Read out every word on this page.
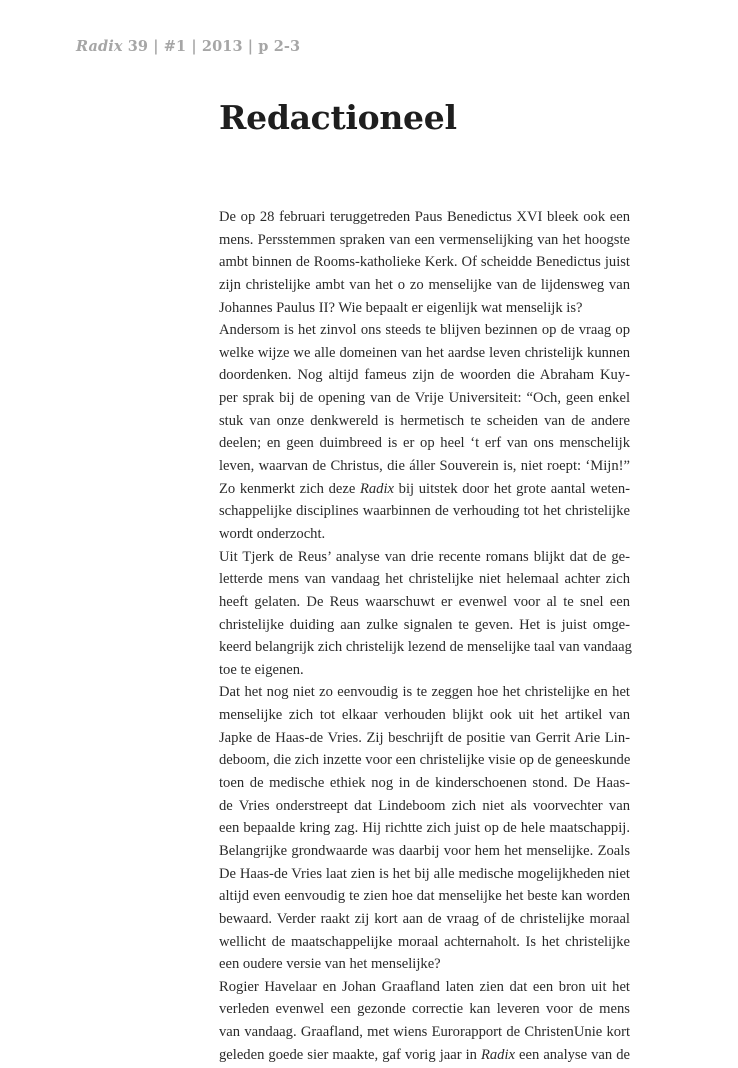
Radix 39 | #1 | 2013 | p 2-3
Redactioneel
De op 28 februari teruggetreden Paus Benedictus XVI bleek ook een
mens. Persstemmen spraken van een vermenselijking van het hoogste
ambt binnen de Rooms-katholieke Kerk. Of scheidde Benedictus juist
zijn christelijke ambt van het o zo menselijke van de lijdensweg van
Johannes Paulus II? Wie bepaalt er eigenlijk wat menselijk is?
Andersom is het zinvol ons steeds te blijven bezinnen op de vraag op
welke wijze we alle domeinen van het aardse leven christelijk kunnen
doordenken. Nog altijd fameus zijn de woorden die Abraham Kuy-
per sprak bij de opening van de Vrije Universiteit: “Och, geen enkel
stuk van onze denkwereld is hermetisch te scheiden van de andere
deelen; en geen duimbreed is er op heel ‘t erf van ons menschelijk
leven, waarvan de Christus, die áller Souverein is, niet roept: ‘Mijn!”
Zo kenmerkt zich deze Radix bij uitstek door het grote aantal weten-
schappelijke disciplines waarbinnen de verhouding tot het christelijke
wordt onderzocht.
Uit Tjerk de Reus’ analyse van drie recente romans blijkt dat de ge-
letterde mens van vandaag het christelijke niet helemaal achter zich
heeft gelaten. De Reus waarschuwt er evenwel voor al te snel een
christelijke duiding aan zulke signalen te geven. Het is juist omge-
keerd belangrijk zich christelijk lezend de menselijke taal van vandaag
toe te eigenen.
Dat het nog niet zo eenvoudig is te zeggen hoe het christelijke en het
menselijke zich tot elkaar verhouden blijkt ook uit het artikel van
Japke de Haas-de Vries. Zij beschrijft de positie van Gerrit Arie Lin-
deboom, die zich inzette voor een christelijke visie op de geneeskunde
toen de medische ethiek nog in de kinderschoenen stond. De Haas-
de Vries onderstreept dat Lindeboom zich niet als voorvechter van
een bepaalde kring zag. Hij richtte zich juist op de hele maatschappij.
Belangrijke grondwaarde was daarbij voor hem het menselijke. Zoals
De Haas-de Vries laat zien is het bij alle medische mogelijkheden niet
altijd even eenvoudig te zien hoe dat menselijke het beste kan worden
bewaard. Verder raakt zij kort aan de vraag of de christelijke moraal
wellicht de maatschappelijke moraal achternaholt. Is het christelijke
een oudere versie van het menselijke?
Rogier Havelaar en Johan Graafland laten zien dat een bron uit het
verleden evenwel een gezonde correctie kan leveren voor de mens
van vandaag. Graafland, met wiens Eurorapport de ChristenUnie kort
geleden goede sier maakte, gaf vorig jaar in Radix een analyse van de
